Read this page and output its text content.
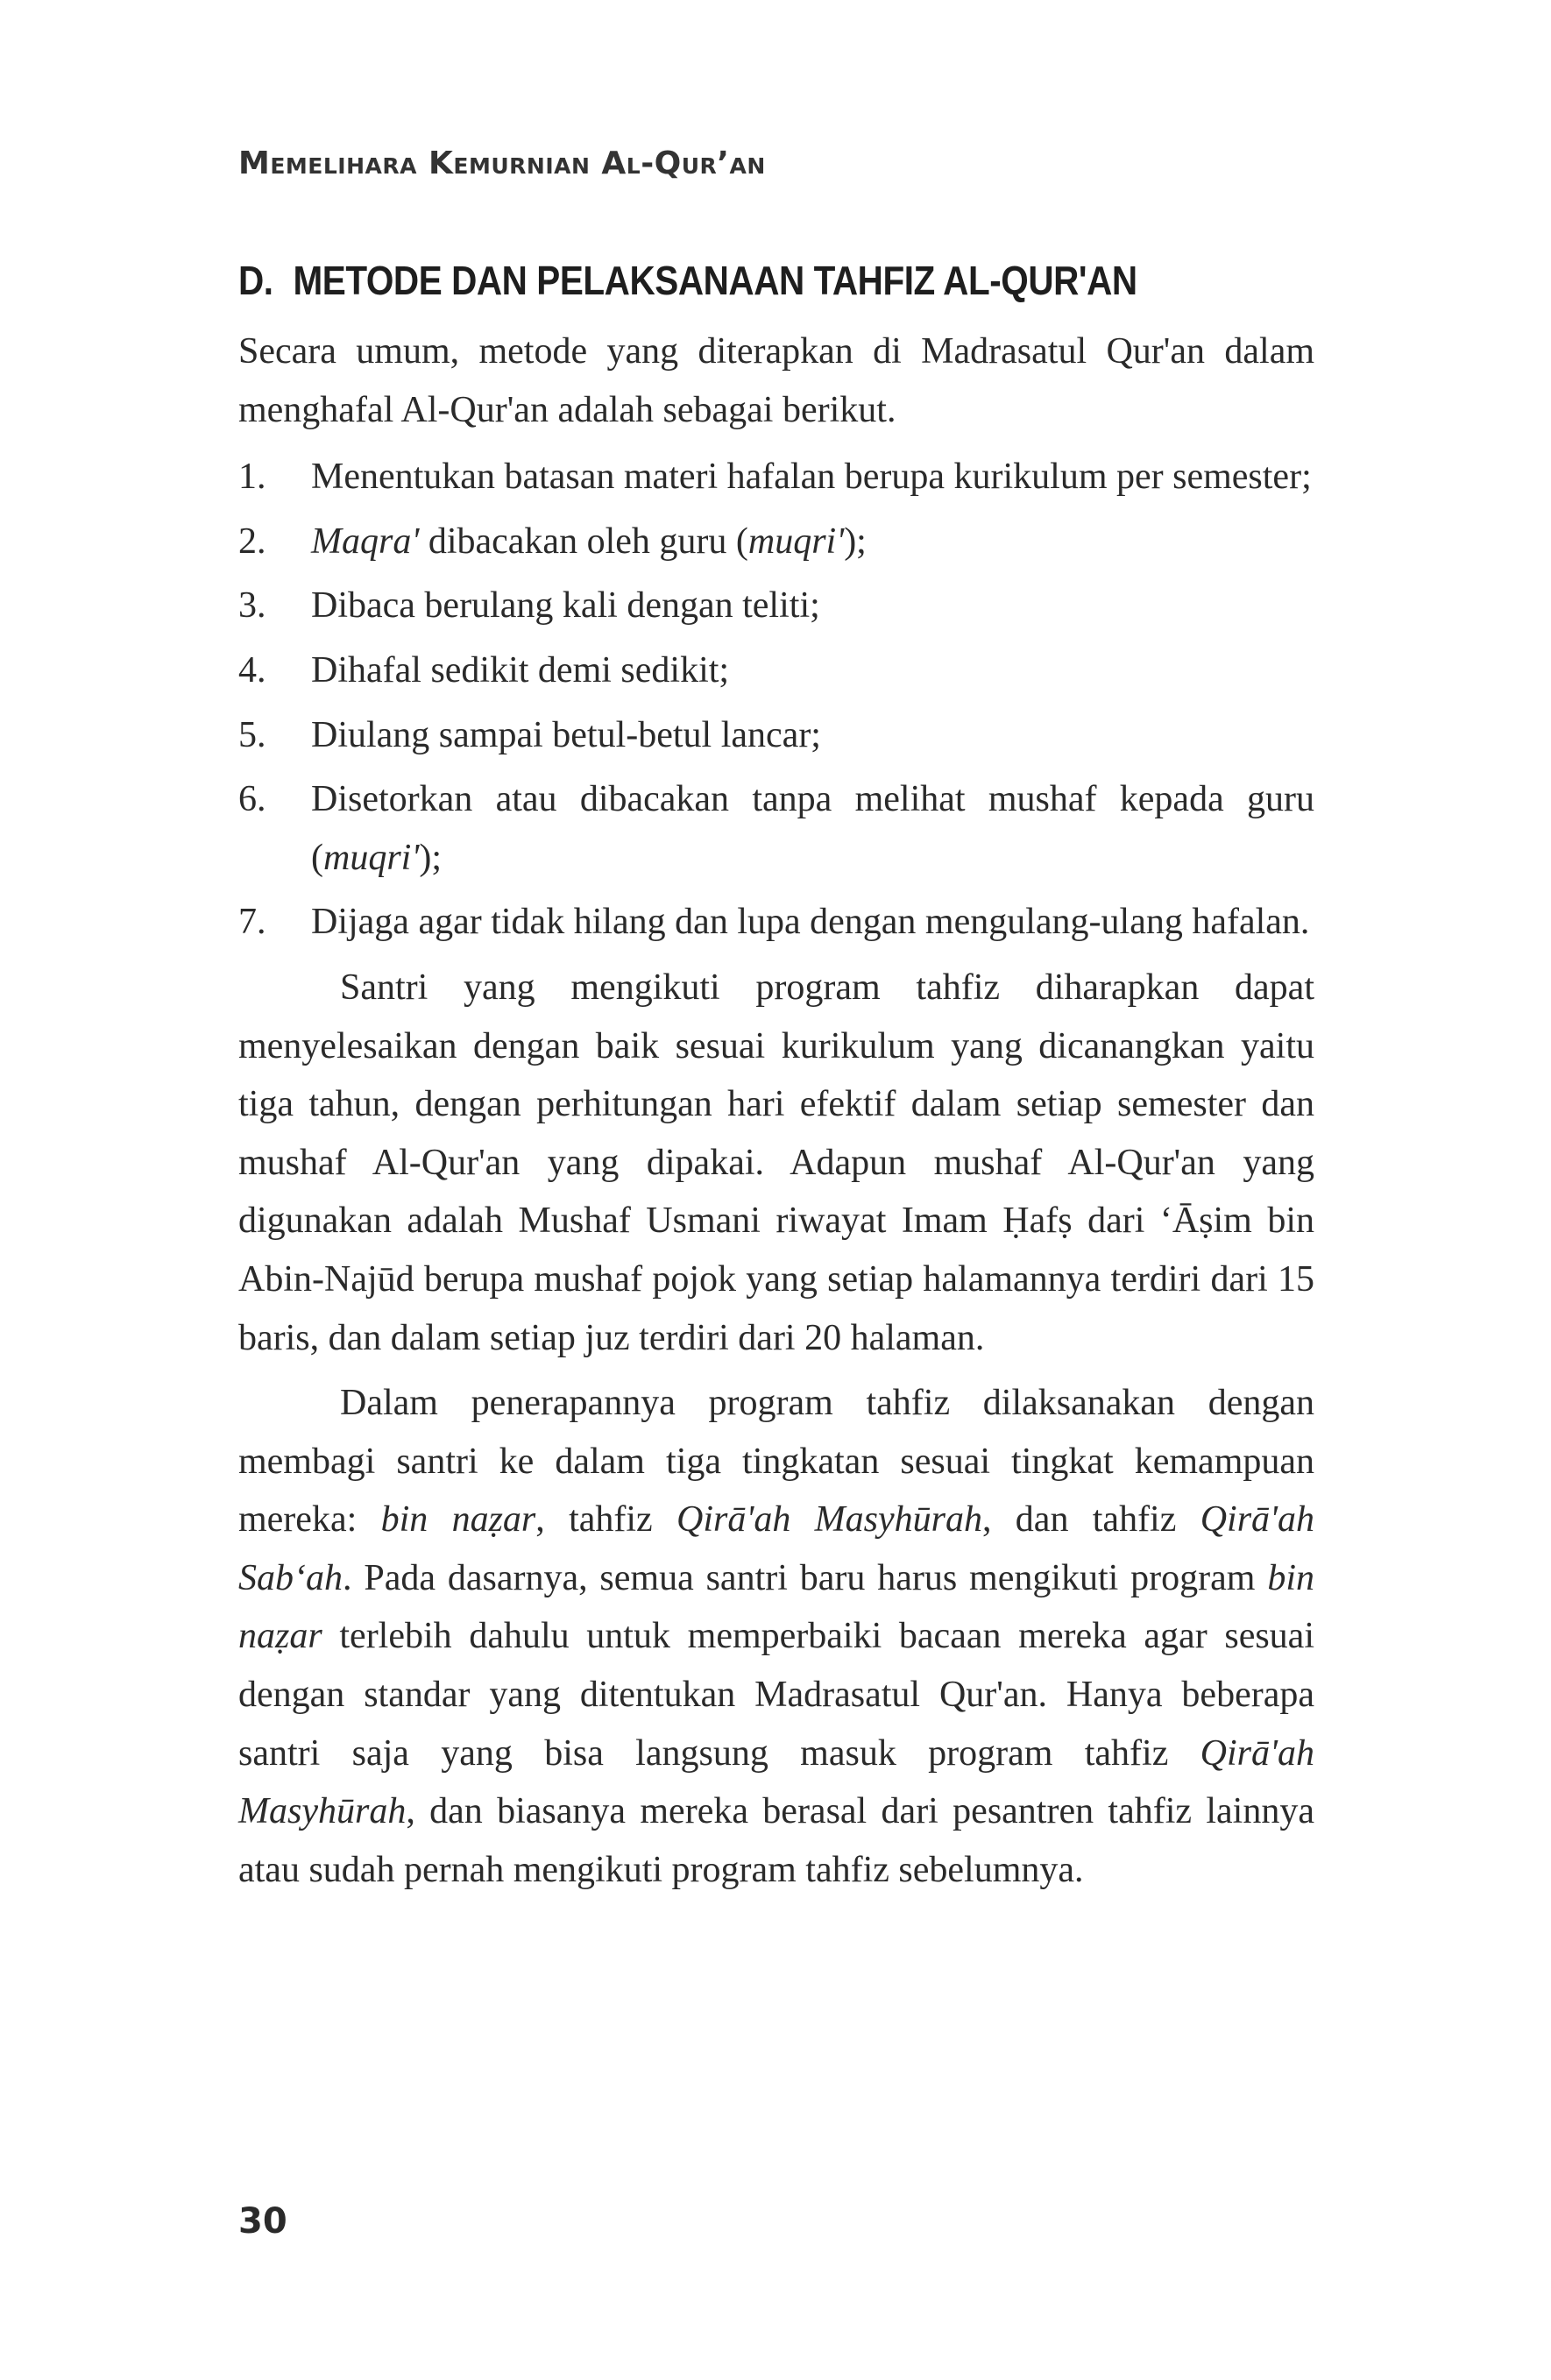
Memelihara Kemurnian Al-Qur’an
D. METODE DAN PELAKSANAAN TAHFIZ AL-QUR'AN

Secara umum, metode yang diterapkan di Madrasatul Qur'an dalam menghafal Al-Qur'an adalah sebagai berikut.

1.	Menentukan batasan materi hafalan berupa kurikulum per semester;
2.	Maqra' dibacakan oleh guru (muqri');
3.	Dibaca berulang kali dengan teliti;
4.	Dihafal sedikit demi sedikit;
5.	Diulang sampai betul-betul lancar;
6.	Disetorkan atau dibacakan tanpa melihat mushaf kepada guru (muqri');
7.	Dijaga agar tidak hilang dan lupa dengan mengulang-ulang hafalan.

Santri yang mengikuti program tahfiz diharapkan dapat menyelesaikan dengan baik sesuai kurikulum yang dicanangkan yaitu tiga tahun, dengan perhitungan hari efektif dalam setiap semester dan mushaf Al-Qur'an yang dipakai. Adapun mushaf Al-Qur'an yang digunakan adalah Mushaf Usmani riwayat Imam Ḥafṣ dari ‘Āṣim bin Abin-Najūd berupa mushaf pojok yang setiap halamannya terdiri dari 15 baris, dan dalam setiap juz terdiri dari 20 halaman.

Dalam penerapannya program tahfiz dilaksanakan dengan membagi santri ke dalam tiga tingkatan sesuai tingkat kemampuan mereka: bin naẓar, tahfiz Qirā'ah Masyhūrah, dan tahfiz Qirā'ah Sab‘ah. Pada dasarnya, semua santri baru harus mengikuti program bin naẓar terlebih dahulu untuk memperbaiki bacaan mereka agar sesuai dengan standar yang ditentukan Madrasatul Qur'an. Hanya beberapa santri saja yang bisa langsung masuk program tahfiz Qirā'ah Masyhūrah, dan biasanya mereka berasal dari pesantren tahfiz lainnya atau sudah pernah mengikuti program tahfiz sebelumnya.

30
